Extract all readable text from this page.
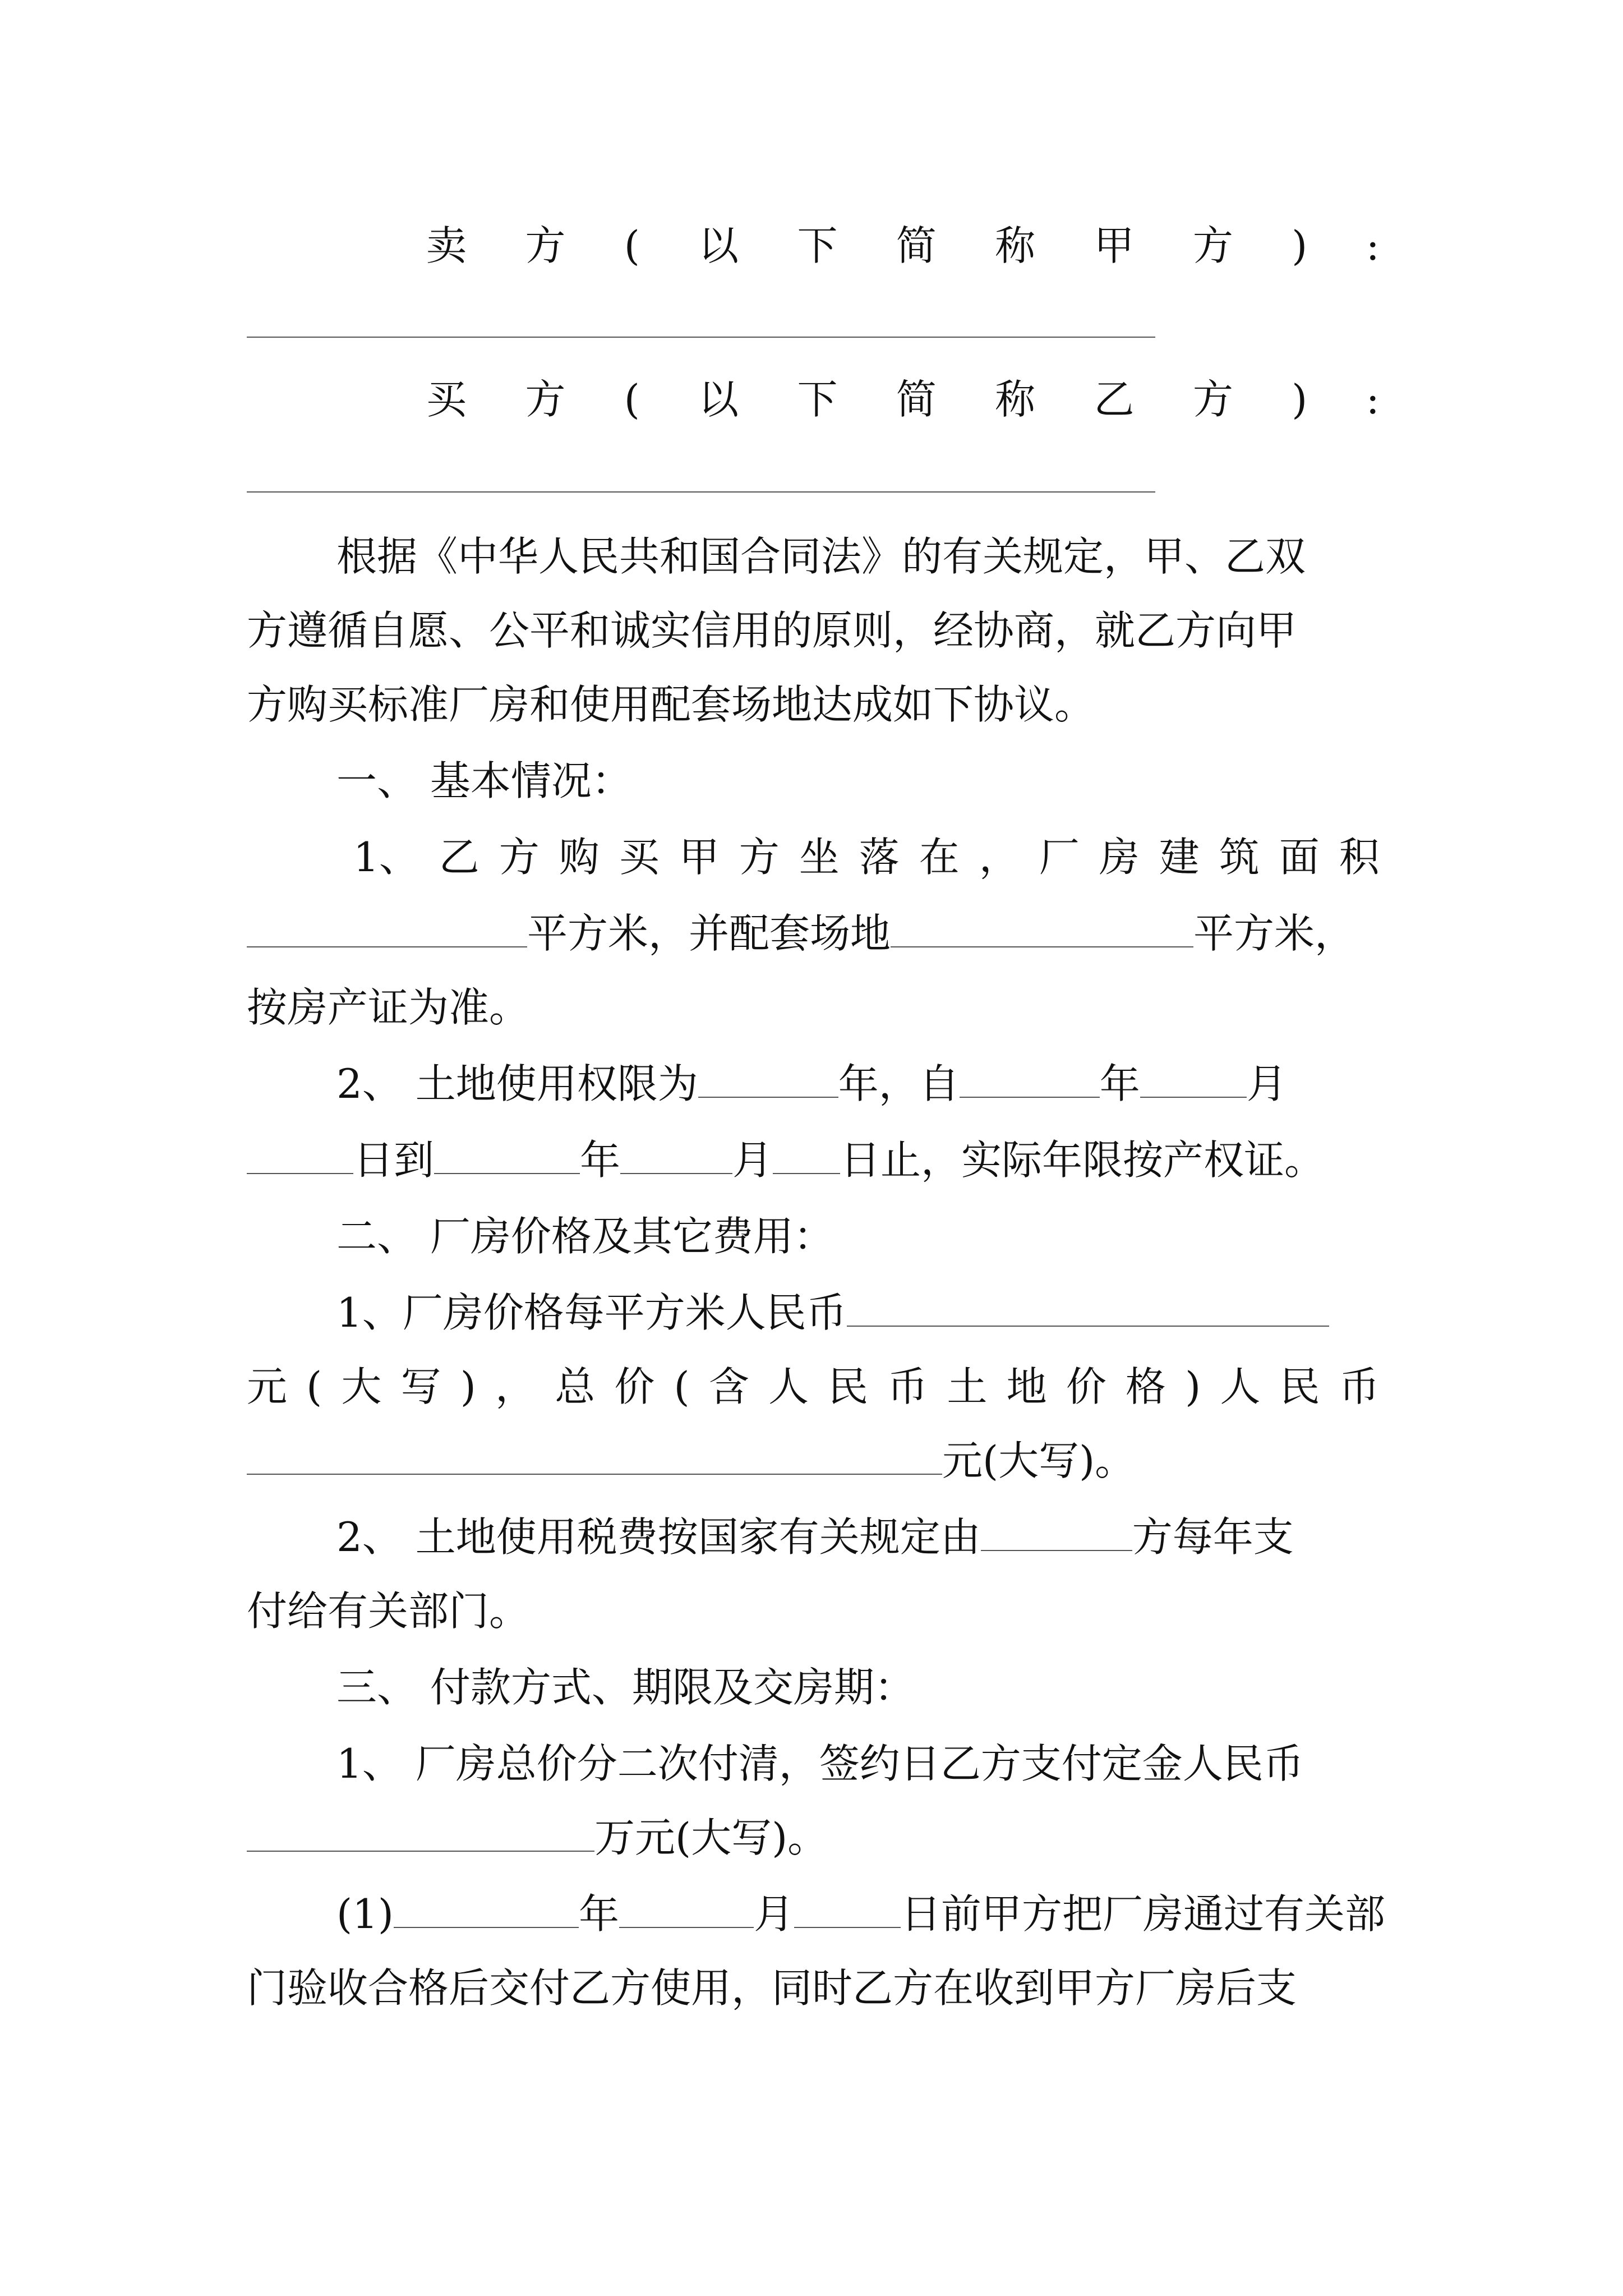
卖 方 ( 以 下 简 称 甲 方 ) :
买 方 ( 以 下 简 称 乙 方 ) :
根据《中华人民共和国合同法》的有关规定，甲、乙双
方遵循自愿、公平和诚实信用的原则，经协商，就乙方向甲
方购买标准厂房和使用配套场地达成如下协议。
一、 基本情况：
1、 乙 方 购 买 甲 方 坐 落 在 ， 厂 房 建 筑 面 积
平方米，并配套场地	平方米，
按房产证为准。
2、 土地使用权限为	年，自	年	月
日到	年	月 日止，实际年限按产权证。
二、 厂房价格及其它费用：
1、厂房价格每平方米人民币
元 ( 大 写 ) ， 总 价 ( 含 人 民 币 土 地 价 格 ) 人 民 币
元(大写)。
2、 土地使用税费按国家有关规定由	方每年支
付给有关部门。
三、 付款方式、期限及交房期：
1、 厂房总价分二次付清，签约日乙方支付定金人民币
万元(大写)。
(1)	年	月	日前甲方把厂房通过有关部
门验收合格后交付乙方使用，同时乙方在收到甲方厂房后支
